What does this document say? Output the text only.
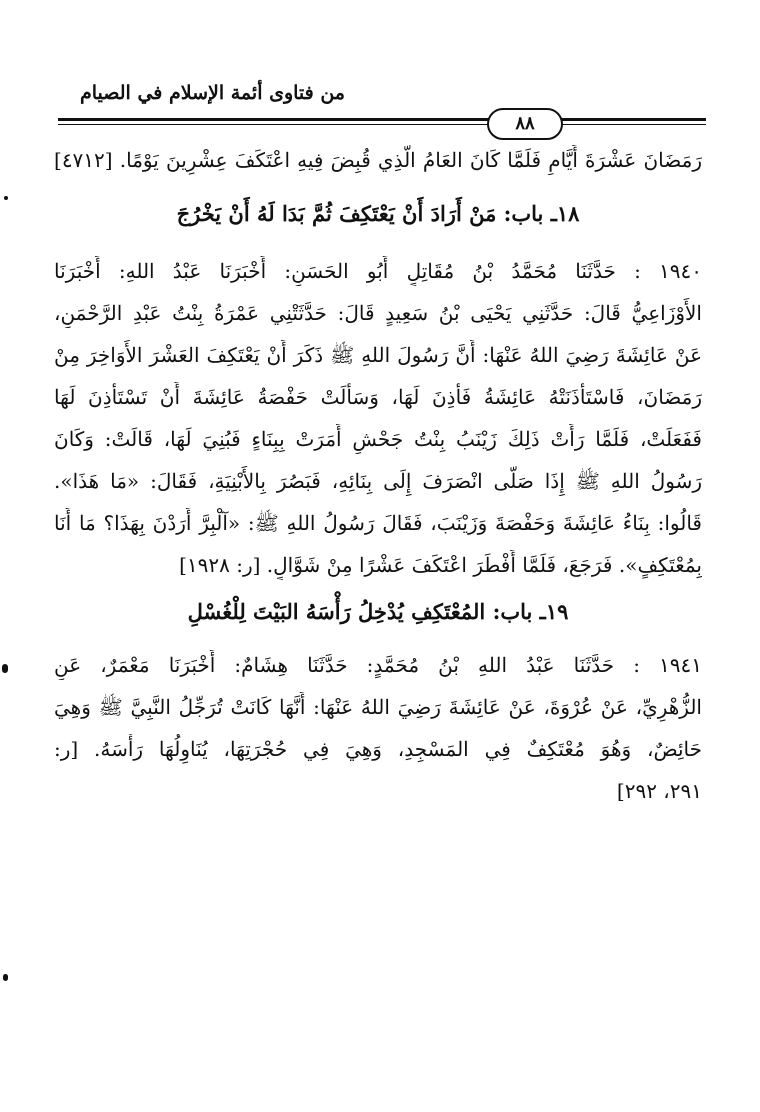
من فتاوى أئمة الإسلام في الصيام
٨٨
رَمَضَانَ عَشْرَةَ أَيَّامٍ فَلَمَّا كَانَ العَامُ الَّذِي قُبِضَ فِيهِ اعْتَكَفَ عِشْرِينَ يَوْمًا. [٤٧١٢]
١٨ـ باب: مَنْ أَرَادَ أَنْ يَعْتَكِفَ ثُمَّ بَدَا لَهُ أَنْ يَخْرُجَ
١٩٤٠ : حَدَّثَنَا مُحَمَّدُ بْنُ مُقَاتِلٍ أَبُو الحَسَنِ: أَخْبَرَنَا عَبْدُ اللهِ: أَخْبَرَنَا
الأَوْزَاعِيُّ قَالَ: حَدَّثَنِي يَحْيَى بْنُ سَعِيدٍ قَالَ: حَدَّثَتْنِي عَمْرَةُ بِنْتُ عَبْدِ الرَّحْمَنِ،
عَنْ عَائِشَةَ رَضِيَ اللهُ عَنْهَا: أَنَّ رَسُولَ اللهِ ﷺ ذَكَرَ أَنْ يَعْتَكِفَ العَشْرَ الأَوَاخِرَ مِنْ
رَمَضَانَ، فَاسْتَأْذَنَتْهُ عَائِشَةُ فَأَذِنَ لَهَا، وَسَأَلَتْ حَفْصَةُ عَائِشَةَ أَنْ تَسْتَأْذِنَ لَهَا
فَفَعَلَتْ، فَلَمَّا رَأَتْ ذَلِكَ زَيْنَبُ بِنْتُ جَحْشٍ أَمَرَتْ بِبِنَاءٍ فَبُنِيَ لَهَا، قَالَتْ: وَكَانَ
رَسُولُ اللهِ ﷺ إِذَا صَلَّى انْصَرَفَ إِلَى بِنَائِهِ، فَبَصُرَ بِالأَبْنِيَةِ، فَقَالَ: «مَا هَذَا».
قَالُوا: بِنَاءُ عَائِشَةَ وَحَفْصَةَ وَزَيْنَبَ، فَقَالَ رَسُولُ اللهِ ﷺ: «آلْبِرَّ أَرَدْنَ بِهَذَا؟ مَا أَنَا
بِمُعْتَكِفٍ». فَرَجَعَ، فَلَمَّا أَفْطَرَ اعْتَكَفَ عَشْرًا مِنْ شَوَّالٍ. [ر: ١٩٢٨]
١٩ـ باب: المُعْتَكِفِ يُدْخِلُ رَأْسَهُ البَيْتَ لِلْغُسْلِ
١٩٤١ : حَدَّثَنَا عَبْدُ اللهِ بْنُ مُحَمَّدٍ: حَدَّثَنَا هِشَامٌ: أَخْبَرَنَا مَعْمَرٌ، عَنِ
الزُّهْرِيِّ، عَنْ عُرْوَةَ، عَنْ عَائِشَةَ رَضِيَ اللهُ عَنْهَا: أَنَّهَا كَانَتْ تُرَجِّلُ النَّبِيَّ ﷺ وَهِيَ
حَائِضٌ، وَهُوَ مُعْتَكِفٌ فِي المَسْجِدِ، وَهِيَ فِي حُجْرَتِهَا، يُنَاوِلُهَا رَأْسَهُ. [ر:
٢٩١، ٢٩٢]
